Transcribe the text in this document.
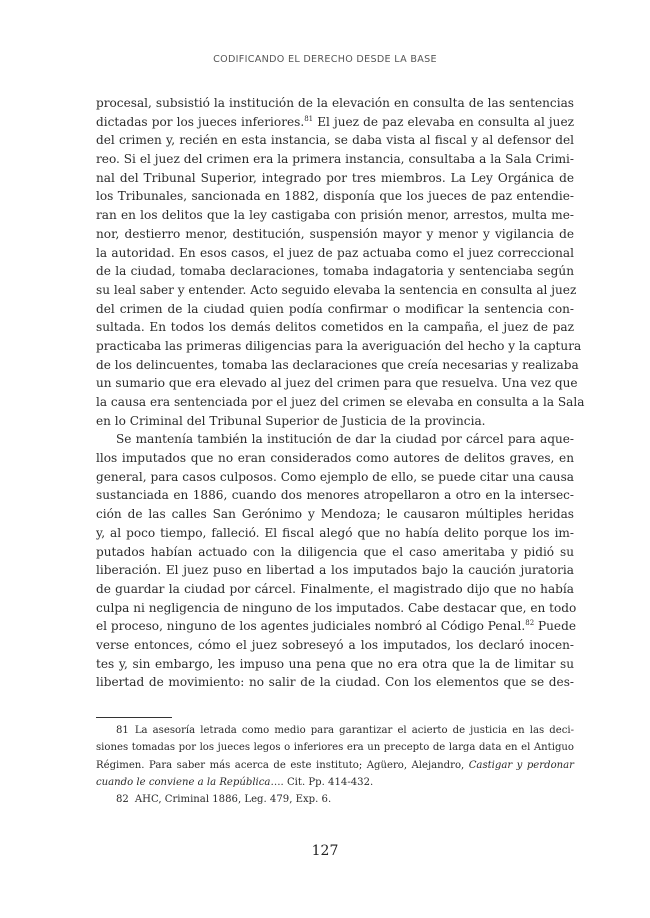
CODIFICANDO EL DERECHO DESDE LA BASE
procesal, subsistió la institución de la elevación en consulta de las sentencias
dictadas por los jueces inferiores.$^{81}$ El juez de paz elevaba en consulta al juez
del crimen y, recién en esta instancia, se daba vista al fiscal y al defensor del
reo. Si el juez del crimen era la primera instancia, consultaba a la Sala Crimi-
nal del Tribunal Superior, integrado por tres miembros. La Ley Orgánica de
los Tribunales, sancionada en 1882, disponía que los jueces de paz entendie-
ran en los delitos que la ley castigaba con prisión menor, arrestos, multa me-
nor, destierro menor, destitución, suspensión mayor y menor y vigilancia de
la autoridad. En esos casos, el juez de paz actuaba como el juez correccional
de la ciudad, tomaba declaraciones, tomaba indagatoria y sentenciaba según
su leal saber y entender. Acto seguido elevaba la sentencia en consulta al juez
del crimen de la ciudad quien podía confirmar o modificar la sentencia con-
sultada. En todos los demás delitos cometidos en la campaña, el juez de paz
practicaba las primeras diligencias para la averiguación del hecho y la captura
de los delincuentes, tomaba las declaraciones que creía necesarias y realizaba
un sumario que era elevado al juez del crimen para que resuelva. Una vez que
la causa era sentenciada por el juez del crimen se elevaba en consulta a la Sala
en lo Criminal del Tribunal Superior de Justicia de la provincia.
Se mantenía también la institución de dar la ciudad por cárcel para aque-
llos imputados que no eran considerados como autores de delitos graves, en
general, para casos culposos. Como ejemplo de ello, se puede citar una causa
sustanciada en 1886, cuando dos menores atropellaron a otro en la intersec-
ción de las calles San Gerónimo y Mendoza; le causaron múltiples heridas
y, al poco tiempo, falleció. El fiscal alegó que no había delito porque los im-
putados habían actuado con la diligencia que el caso ameritaba y pidió su
liberación. El juez puso en libertad a los imputados bajo la caución juratoria
de guardar la ciudad por cárcel. Finalmente, el magistrado dijo que no había
culpa ni negligencia de ninguno de los imputados. Cabe destacar que, en todo
el proceso, ninguno de los agentes judiciales nombró al Código Penal.$^{82}$ Puede
verse entonces, cómo el juez sobreseyó a los imputados, los declaró inocen-
tes y, sin embargo, les impuso una pena que no era otra que la de limitar su
libertad de movimiento: no salir de la ciudad. Con los elementos que se des-
81 La asesoría letrada como medio para garantizar el acierto de justicia en las deci-
siones tomadas por los jueces legos o inferiores era un precepto de larga data en el Antiguo
Régimen. Para saber más acerca de este instituto; Agüero, Alejandro, Castigar y perdonar
cuando le conviene a la República…. Cit. Pp. 414-432.
82 AHC, Criminal 1886, Leg. 479, Exp. 6.
127
